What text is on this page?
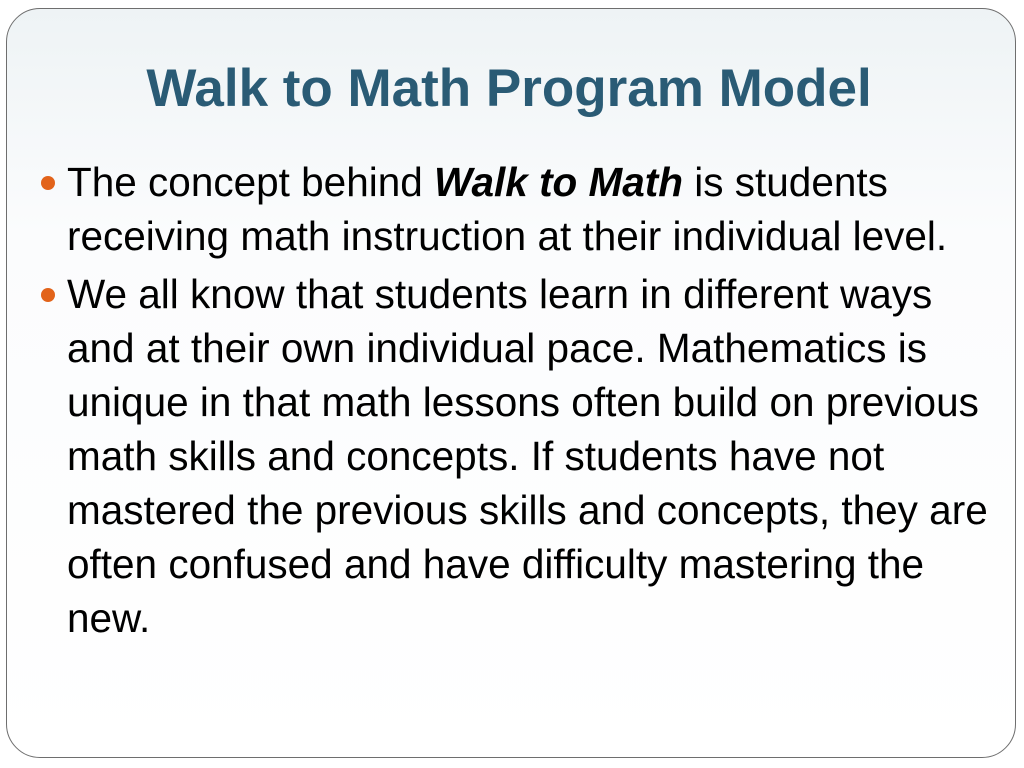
Walk to Math Program Model
The concept behind Walk to Math is students receiving math instruction at their individual level.
We all know that students learn in different ways and at their own individual pace. Mathematics is unique in that math lessons often build on previous math skills and concepts. If students have not mastered the previous skills and concepts, they are often confused and have difficulty mastering the new.
